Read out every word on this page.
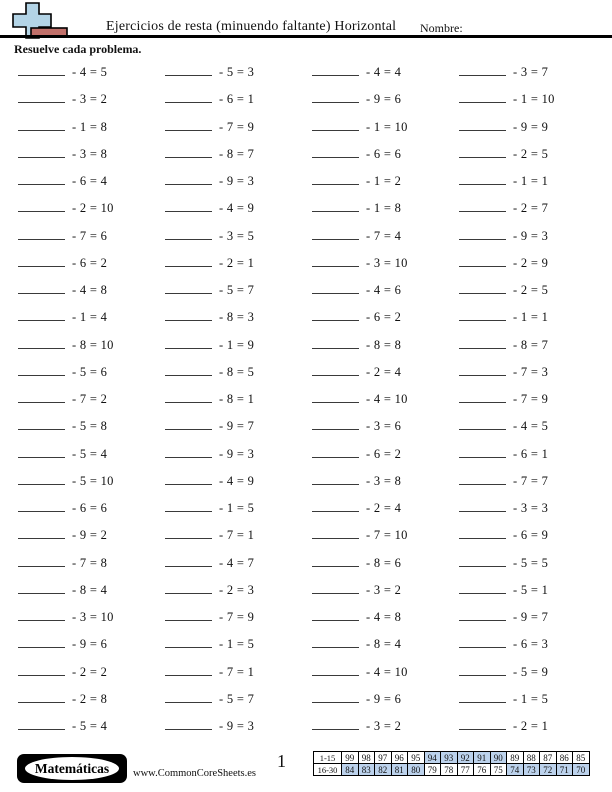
Ejercicios de resta (minuendo faltante) Horizontal Nombre:
Resuelve cada problema.
- 4 = 5	- 5 = 3	- 4 = 4	- 3 = 7
- 3 = 2	- 6 = 1	- 9 = 6	- 1 = 10
- 1 = 8	- 7 = 9	- 1 = 10	- 9 = 9
- 3 = 8	- 8 = 7	- 6 = 6	- 2 = 5
- 6 = 4	- 9 = 3	- 1 = 2	- 1 = 1
- 2 = 10	- 4 = 9	- 1 = 8	- 2 = 7
- 7 = 6	- 3 = 5	- 7 = 4	- 9 = 3
- 6 = 2	- 2 = 1	- 3 = 10	- 2 = 9
- 4 = 8	- 5 = 7	- 4 = 6	- 2 = 5
- 1 = 4	- 8 = 3	- 6 = 2	- 1 = 1
- 8 = 10	- 1 = 9	- 8 = 8	- 8 = 7
- 5 = 6	- 8 = 5	- 2 = 4	- 7 = 3
- 7 = 2	- 8 = 1	- 4 = 10	- 7 = 9
- 5 = 8	- 9 = 7	- 3 = 6	- 4 = 5
- 5 = 4	- 9 = 3	- 6 = 2	- 6 = 1
- 5 = 10	- 4 = 9	- 3 = 8	- 7 = 7
- 6 = 6	- 1 = 5	- 2 = 4	- 3 = 3
- 9 = 2	- 7 = 1	- 7 = 10	- 6 = 9
- 7 = 8	- 4 = 7	- 8 = 6	- 5 = 5
- 8 = 4	- 2 = 3	- 3 = 2	- 5 = 1
- 3 = 10	- 7 = 9	- 4 = 8	- 9 = 7
- 9 = 6	- 1 = 5	- 8 = 4	- 6 = 3
- 2 = 2	- 7 = 1	- 4 = 10	- 5 = 9
- 2 = 8	- 5 = 7	- 9 = 6	- 1 = 5
- 5 = 4	- 9 = 3	- 3 = 2	- 2 = 1
Matemáticas	www.CommonCoreSheets.es
1	1-15	99	98	97	96	95	94	93	92	91	90	89	88	87	86	85
16-30	84	83	82	81	80	79	78	77	76	75	74	73	72	71	70
